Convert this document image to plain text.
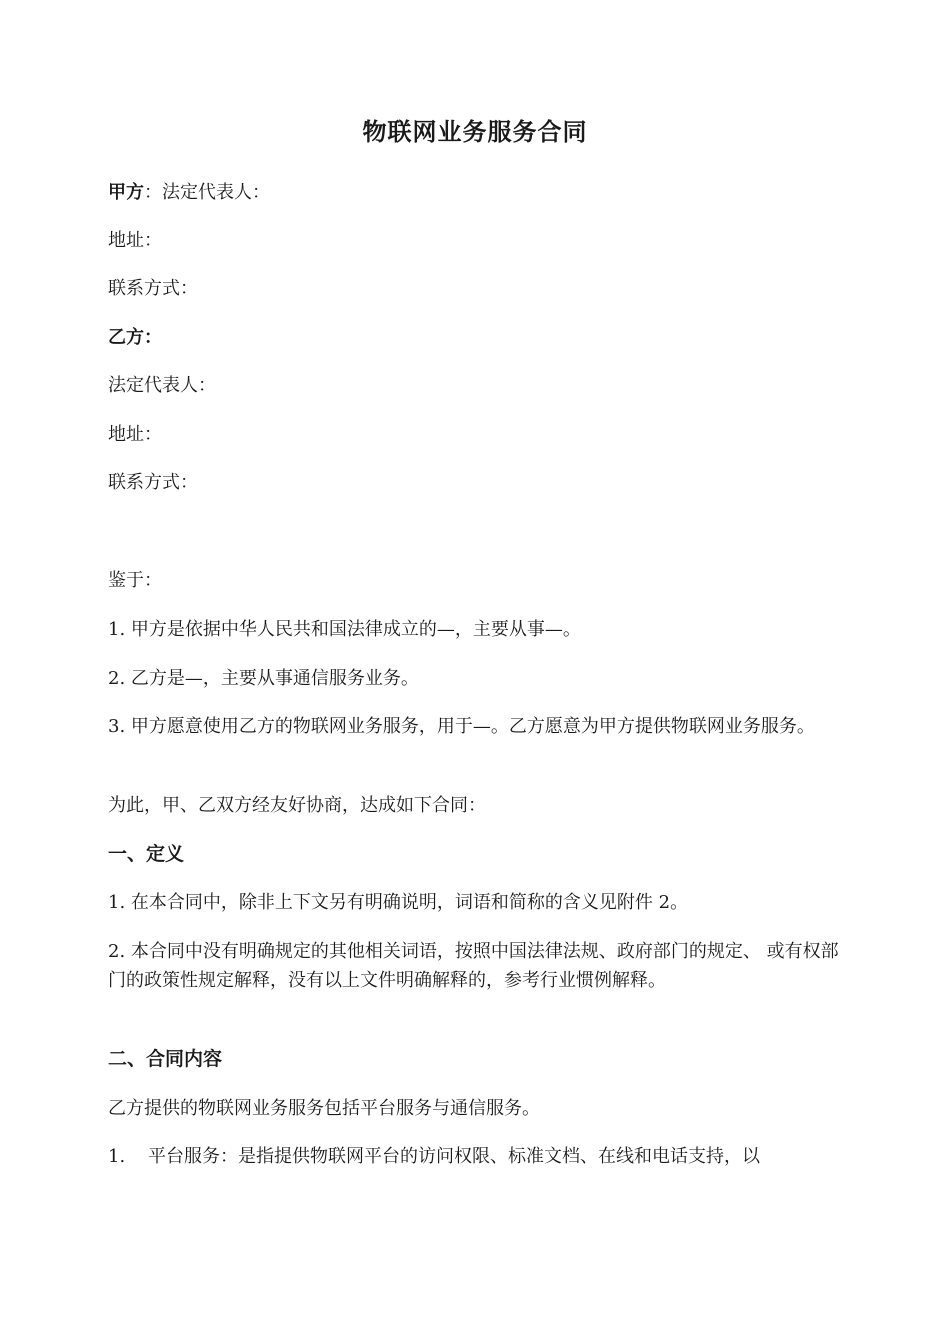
物联网业务服务合同
甲方：法定代表人：
地址：
联系方式：
乙方：
法定代表人：
地址：
联系方式：
鉴于：
1. 甲方是依据中华人民共和国法律成立的—，主要从事—。
2. 乙方是—，主要从事通信服务业务。
3. 甲方愿意使用乙方的物联网业务服务，用于—。乙方愿意为甲方提供物联网业务服务。
为此，甲、乙双方经友好协商，达成如下合同：
一、定义
1. 在本合同中，除非上下文另有明确说明，词语和简称的含义见附件 2。
2. 本合同中没有明确规定的其他相关词语，按照中国法律法规、政府部门的规定、 或有权部门的政策性规定解释，没有以上文件明确解释的，参考行业惯例解释。
二、合同内容
乙方提供的物联网业务服务包括平台服务与通信服务。
1. 平台服务：是指提供物联网平台的访问权限、标准文档、在线和电话支持，以
